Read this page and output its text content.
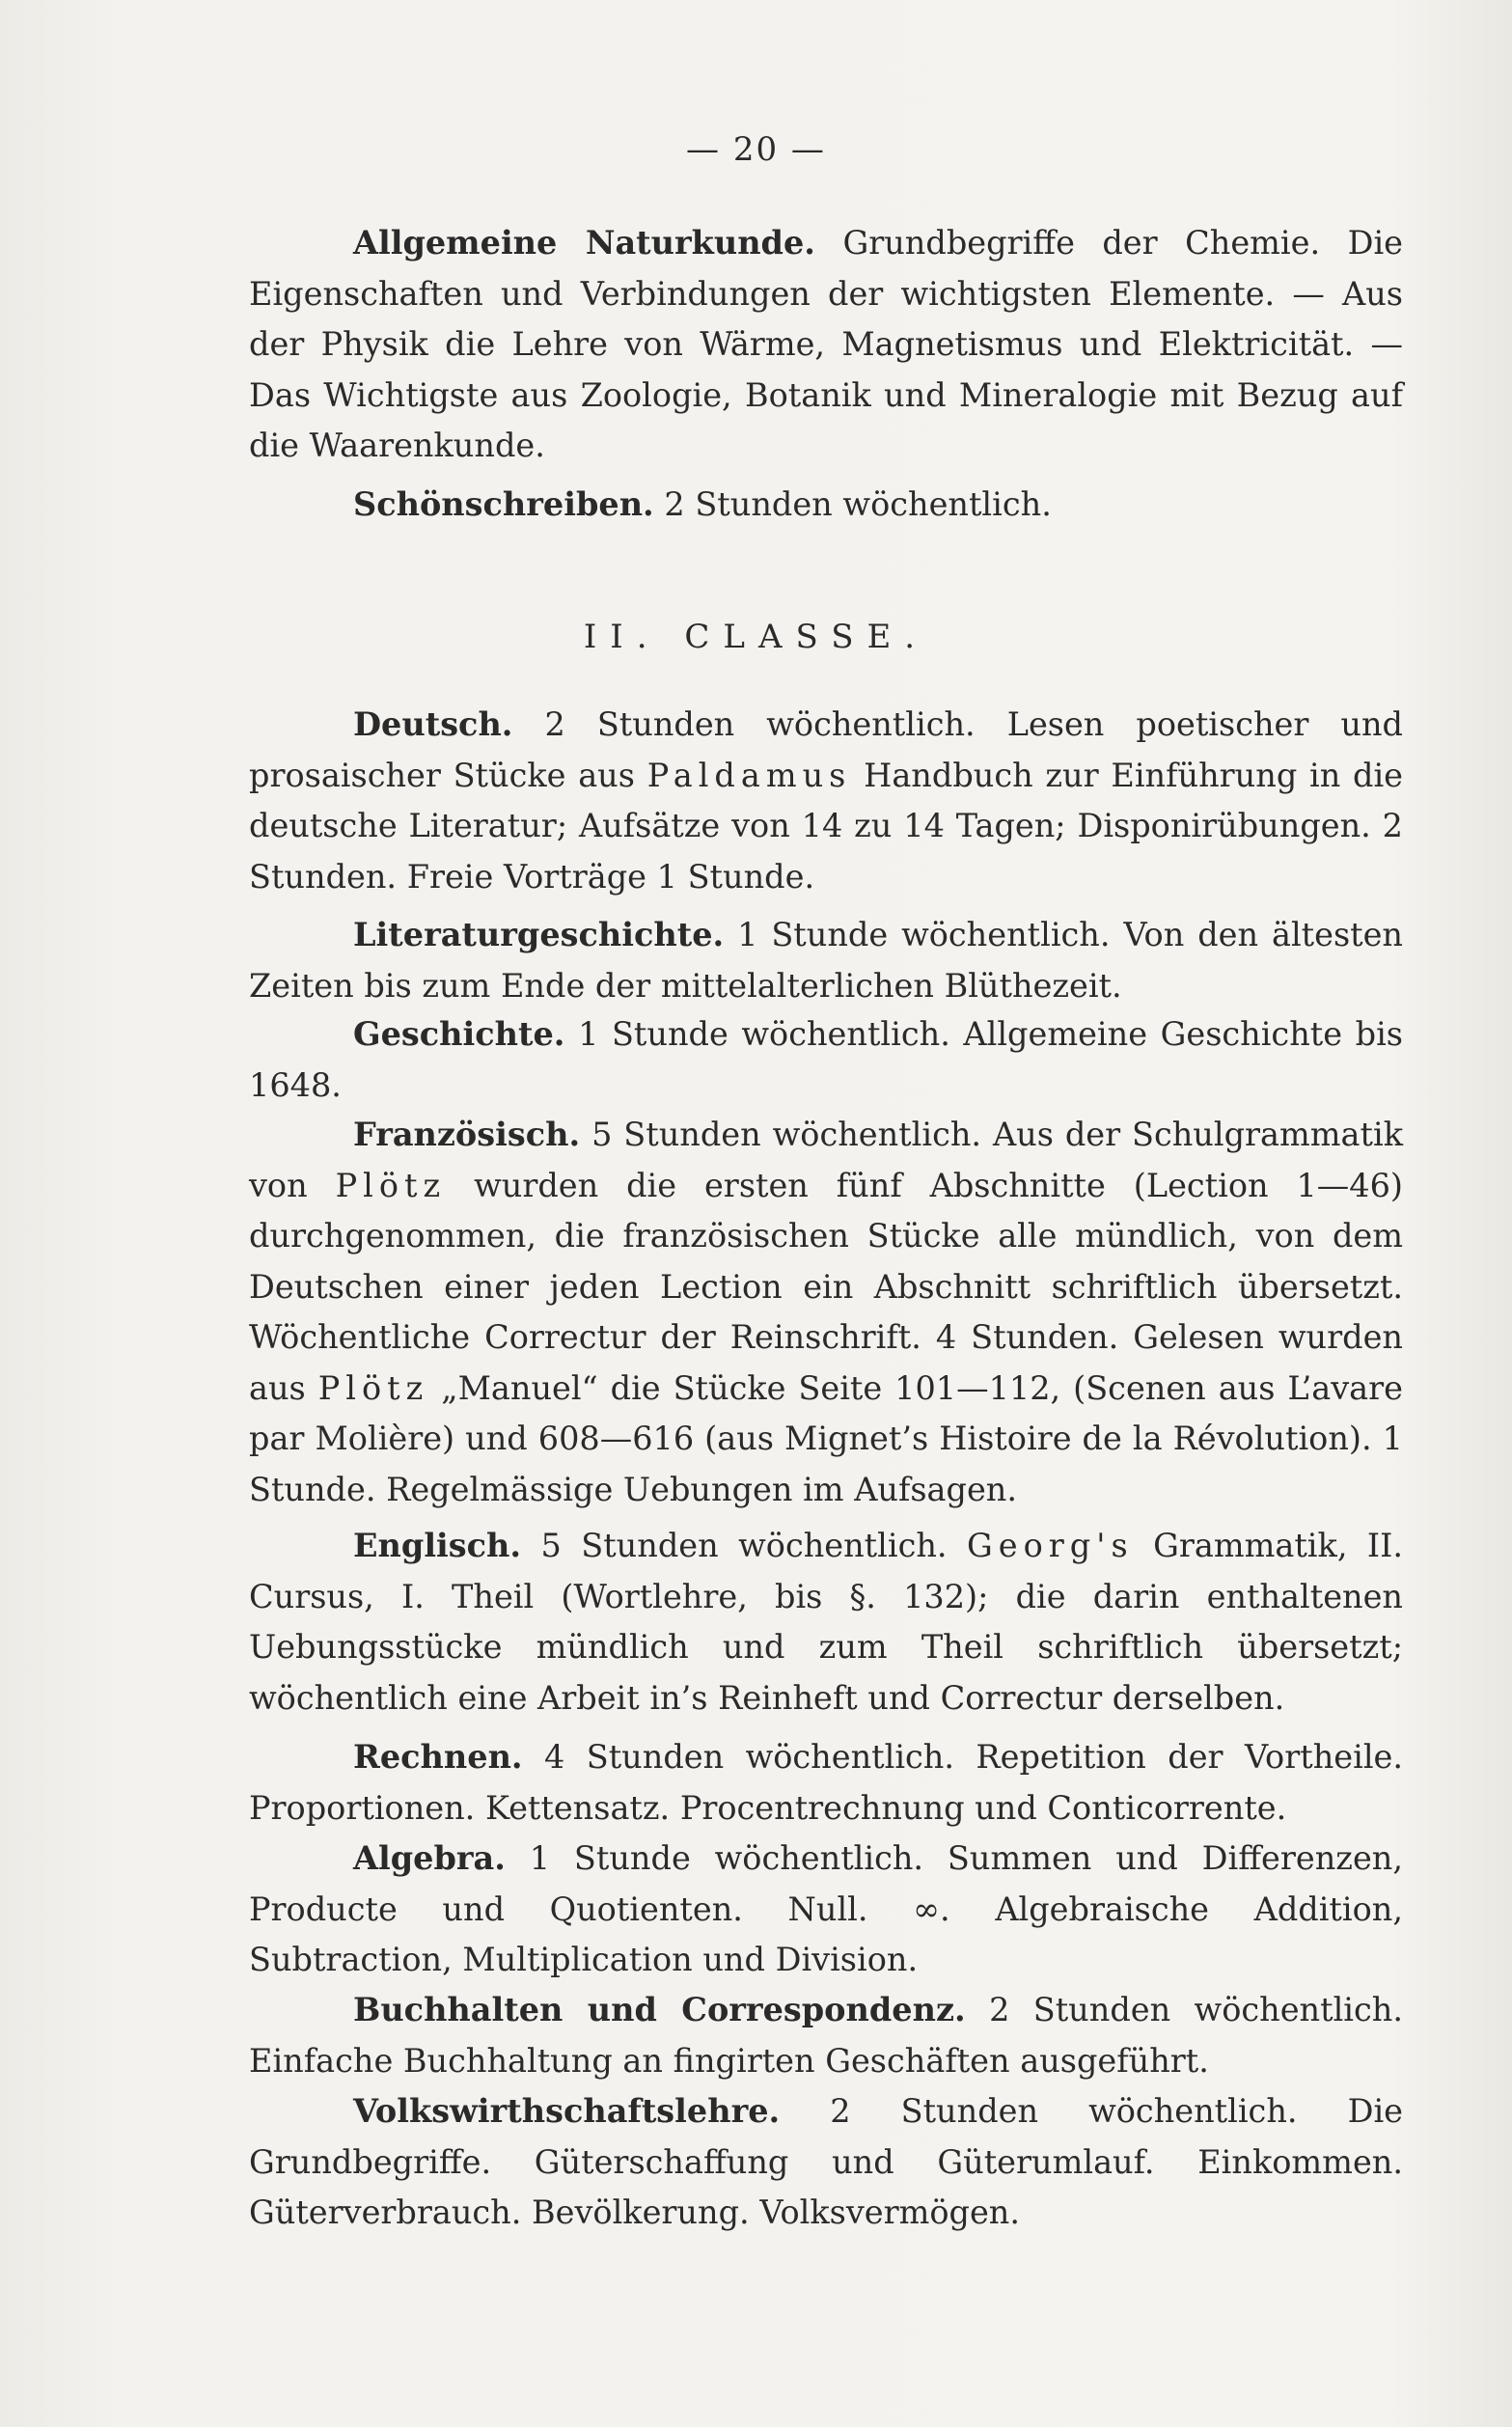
— 20 —

Allgemeine Naturkunde. Grundbegriffe der Chemie. Die Eigenschaften und Verbindungen der wichtigsten Elemente. — Aus der Physik die Lehre von Wärme, Magnetismus und Elektricität. — Das Wichtigste aus Zoologie, Botanik und Mineralogie mit Bezug auf die Waarenkunde.

Schönschreiben. 2 Stunden wöchentlich.

II. CLASSE.

Deutsch. 2 Stunden wöchentlich. Lesen poetischer und prosaischer Stücke aus Paldamus Handbuch zur Einführung in die deutsche Literatur; Aufsätze von 14 zu 14 Tagen; Disponirübungen. 2 Stunden. Freie Vorträge 1 Stunde.

Literaturgeschichte. 1 Stunde wöchentlich. Von den ältesten Zeiten bis zum Ende der mittelalterlichen Blüthezeit.

Geschichte. 1 Stunde wöchentlich. Allgemeine Geschichte bis 1648.

Französisch. 5 Stunden wöchentlich. Aus der Schulgrammatik von Plötz wurden die ersten fünf Abschnitte (Lection 1—46) durchgenommen, die französischen Stücke alle mündlich, von dem Deutschen einer jeden Lection ein Abschnitt schriftlich übersetzt. Wöchentliche Correctur der Reinschrift. 4 Stunden. Gelesen wurden aus Plötz „Manuel“ die Stücke Seite 101—112, (Scenen aus L’avare par Molière) und 608—616 (aus Mignet’s Histoire de la Révolution). 1 Stunde. Regelmässige Uebungen im Aufsagen.

Englisch. 5 Stunden wöchentlich. Georg's Grammatik, II. Cursus, I. Theil (Wortlehre, bis §. 132); die darin enthaltenen Uebungsstücke mündlich und zum Theil schriftlich übersetzt; wöchentlich eine Arbeit in’s Reinheft und Correctur derselben.

Rechnen. 4 Stunden wöchentlich. Repetition der Vortheile. Proportionen. Kettensatz. Procentrechnung und Conticorrente.

Algebra. 1 Stunde wöchentlich. Summen und Differenzen, Producte und Quotienten. Null. ∞. Algebraische Addition, Subtraction, Multiplication und Division.

Buchhalten und Correspondenz. 2 Stunden wöchentlich. Einfache Buchhaltung an fingirten Geschäften ausgeführt.

Volkswirthschaftslehre. 2 Stunden wöchentlich. Die Grundbegriffe. Güterschaffung und Güterumlauf. Einkommen. Güterverbrauch. Bevölkerung. Volksvermögen.
